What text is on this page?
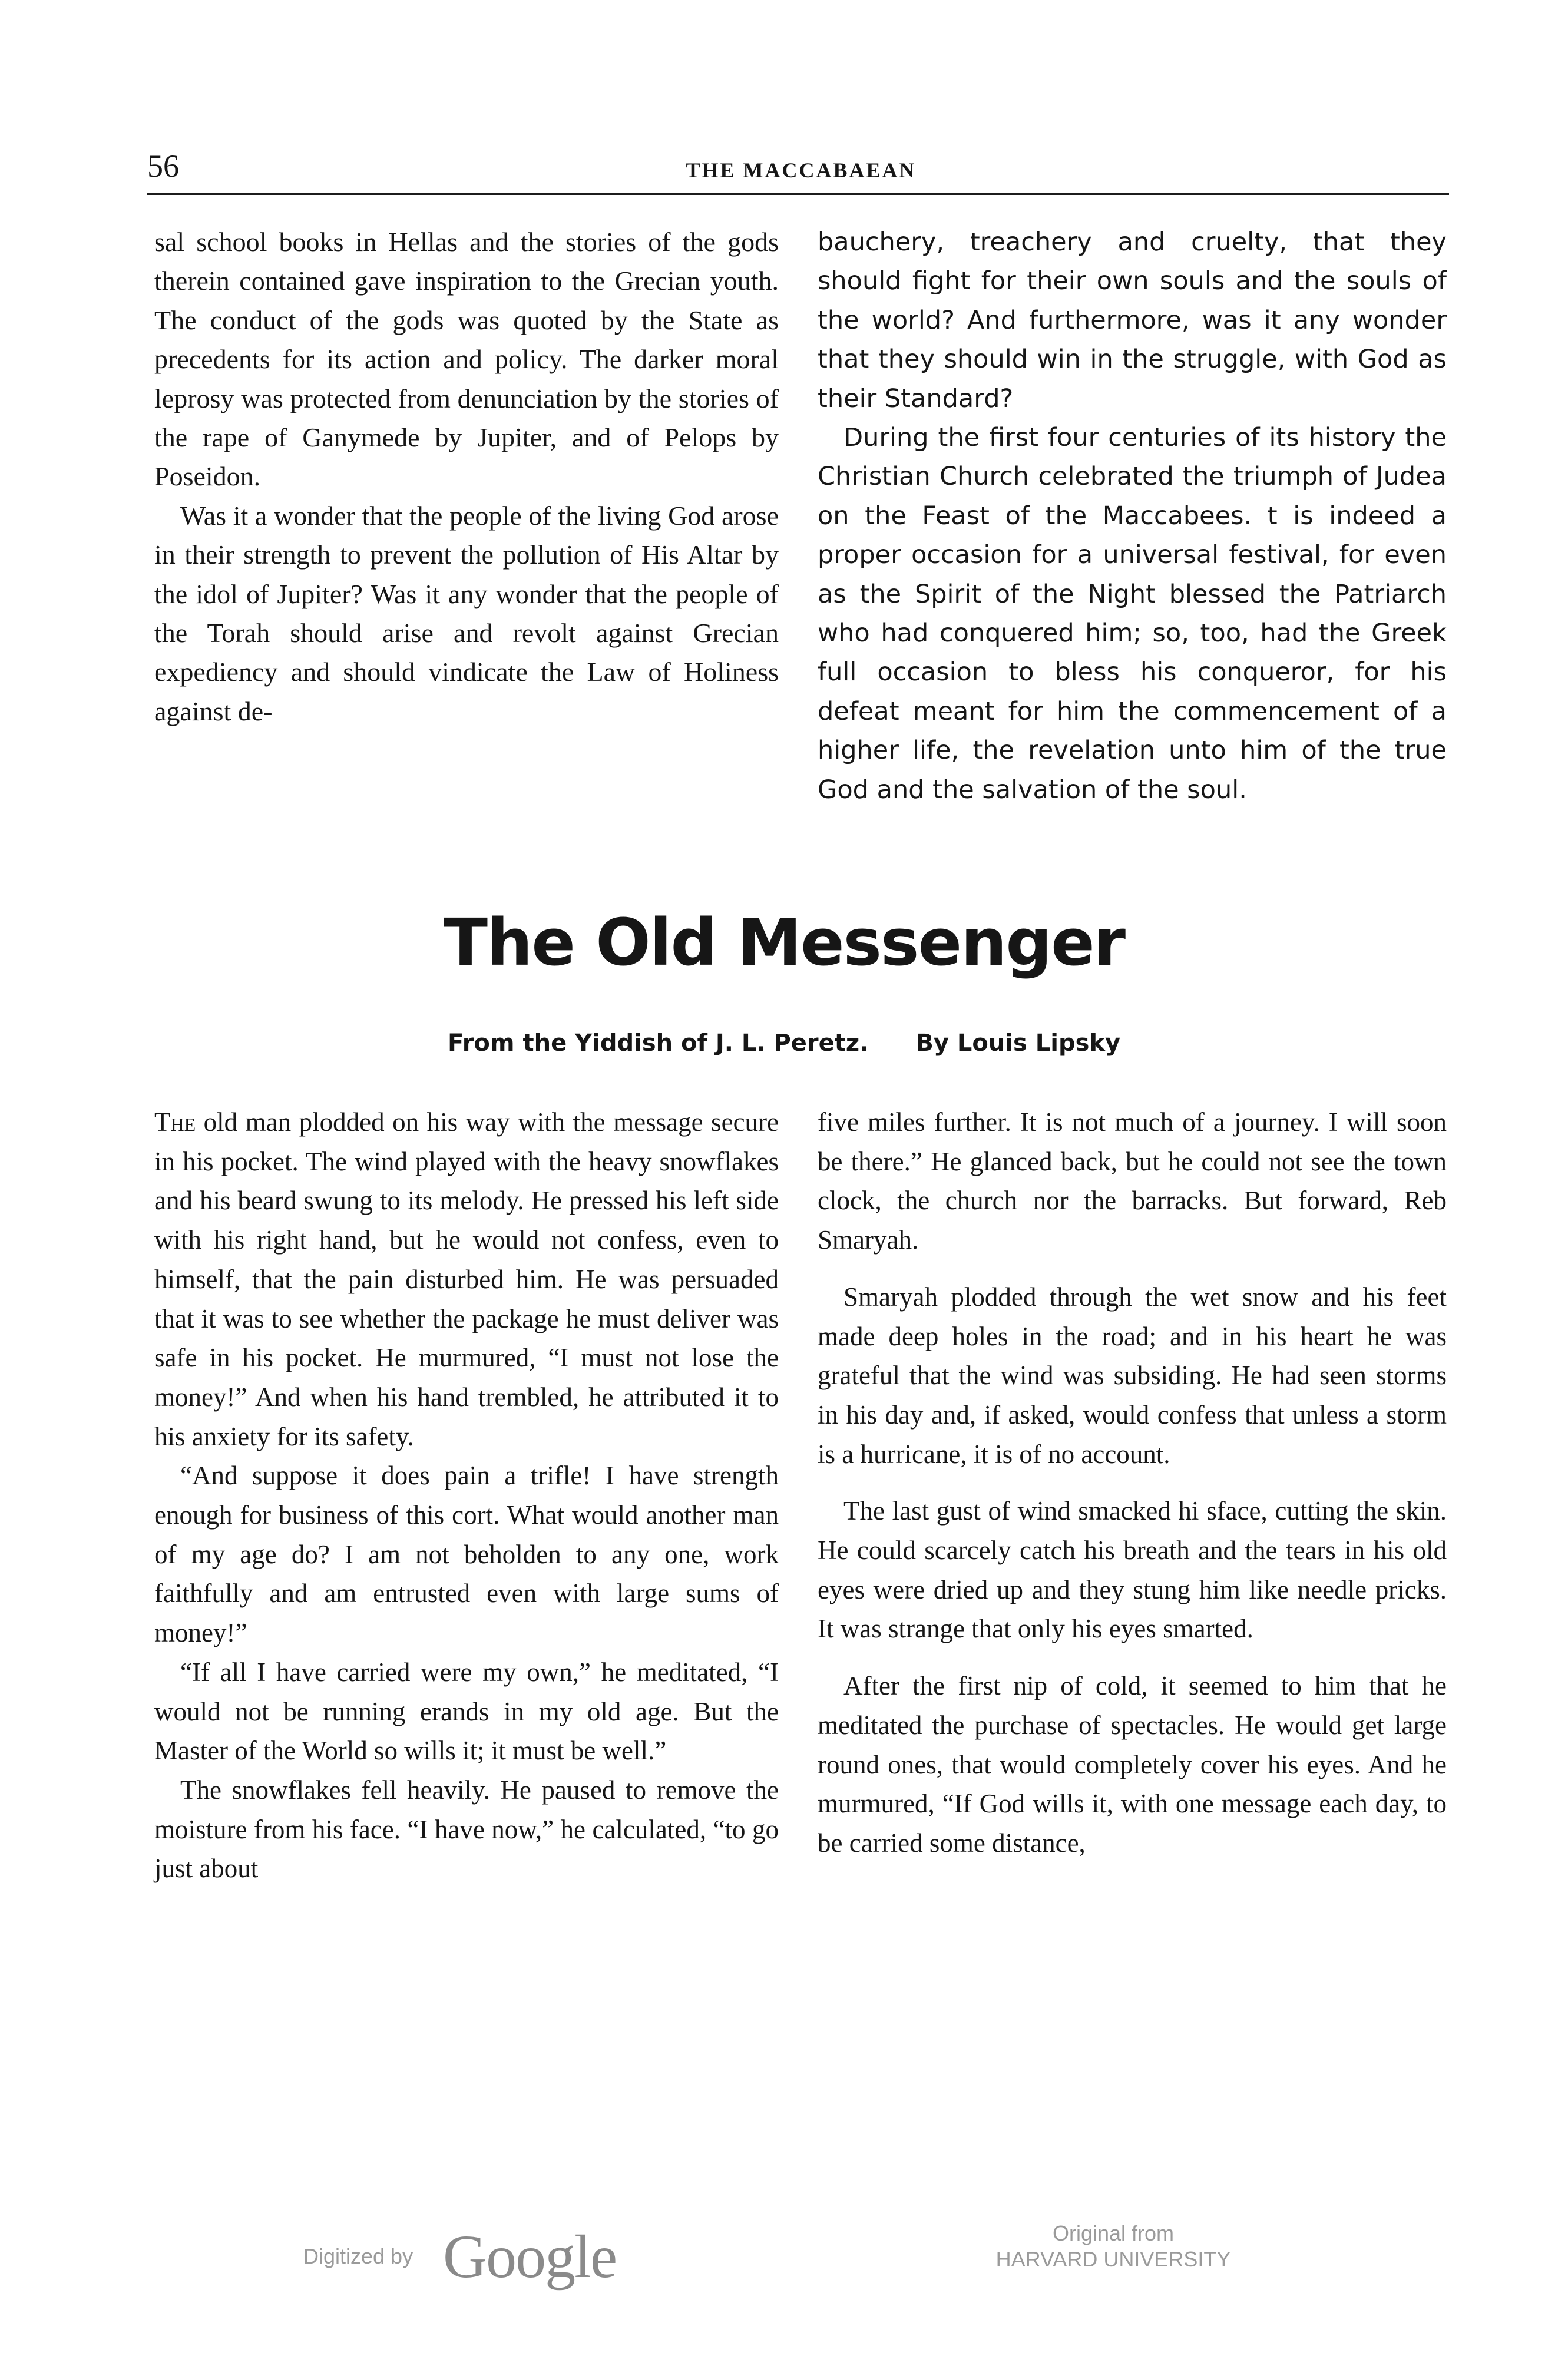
56	THE MACCABAEAN

sal school books in Hellas and the stories of the gods therein contained gave inspiration to the Grecian youth. The conduct of the gods was quoted by the State as precedents for its action and policy. The darker moral leprosy was protected from denunciation by the stories of the rape of Ganymede by Jupiter, and of Pelops by Poseidon.

Was it a wonder that the people of the living God arose in their strength to prevent the pollution of His Altar by the idol of Jupiter? Was it any wonder that the people of the Torah should arise and revolt against Grecian expediency and should vindicate the Law of Holiness against de-

bauchery, treachery and cruelty, that they should fight for their own souls and the souls of the world? And furthermore, was it any wonder that they should win in the struggle, with God as their Standard?

During the first four centuries of its history the Christian Church celebrated the triumph of Judea on the Feast of the Maccabees. t is indeed a proper occasion for a universal festival, for even as the Spirit of the Night blessed the Patriarch who had conquered him; so, too, had the Greek full occasion to bless his conqueror, for his defeat meant for him the commencement of a higher life, the revelation unto him of the true God and the salvation of the soul.

The Old Messenger
From the Yiddish of J. L. Peretz. By Louis Lipsky

The old man plodded on his way with the message secure in his pocket. The wind played with the heavy snowflakes and his beard swung to its melody. He pressed his left side with his right hand, but he would not confess, even to himself, that the pain disturbed him. He was persuaded that it was to see whether the package he must deliver was safe in his pocket. He murmured, “I must not lose the money!” And when his hand trembled, he attributed it to his anxiety for its safety.

“And suppose it does pain a trifle! I have strength enough for business of this cort. What would another man of my age do? I am not beholden to any one, work faithfully and am entrusted even with large sums of money!”

“If all I have carried were my own,” he meditated, “I would not be running erands in my old age. But the Master of the World so wills it; it must be well.”

The snowflakes fell heavily. He paused to remove the moisture from his face. “I have now,” he calculated, “to go just about

five miles further. It is not much of a journey. I will soon be there.” He glanced back, but he could not see the town clock, the church nor the barracks. But forward, Reb Smaryah.

Smaryah plodded through the wet snow and his feet made deep holes in the road; and in his heart he was grateful that the wind was subsiding. He had seen storms in his day and, if asked, would confess that unless a storm is a hurricane, it is of no account.

The last gust of wind smacked hi sface, cutting the skin. He could scarcely catch his breath and the tears in his old eyes were dried up and they stung him like needle pricks. It was strange that only his eyes smarted.

After the first nip of cold, it seemed to him that he meditated the purchase of spectacles. He would get large round ones, that would completely cover his eyes. And he murmured, “If God wills it, with one message each day, to be carried some distance,

Digitized by Google	Original from
HARVARD UNIVERSITY
